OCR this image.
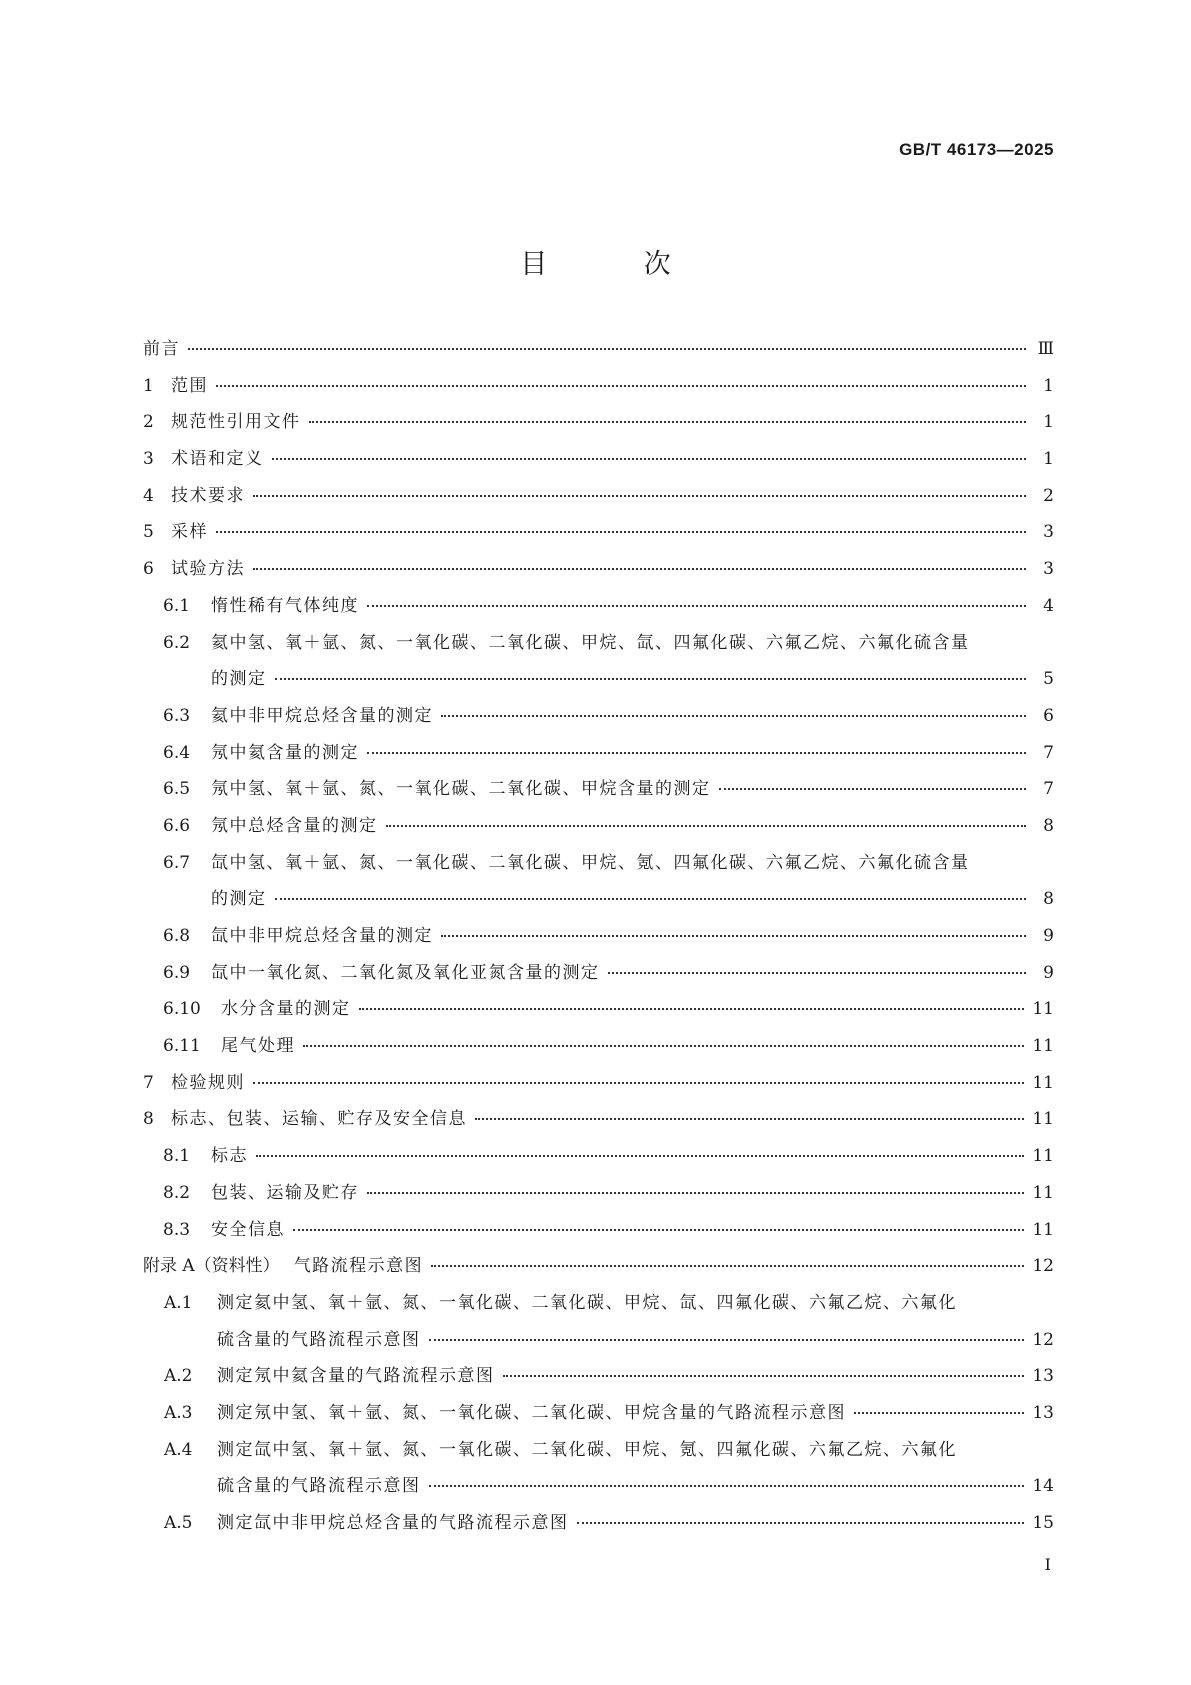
GB/T 46173—2025
目 次
前言	Ⅲ
1	范围	1
2	规范性引用文件	1
3	术语和定义	1
4	技术要求	2
5	采样	3
6	试验方法	3
6.1	惰性稀有气体纯度	4
6.2	氦中氢、氧＋氩、氮、一氧化碳、二氧化碳、甲烷、氙、四氟化碳、六氟乙烷、六氟化硫含量
的测定	5
6.3	氦中非甲烷总烃含量的测定	6
6.4	氖中氦含量的测定	7
6.5	氖中氢、氧＋氩、氮、一氧化碳、二氧化碳、甲烷含量的测定	7
6.6	氖中总烃含量的测定	8
6.7	氙中氢、氧＋氩、氮、一氧化碳、二氧化碳、甲烷、氪、四氟化碳、六氟乙烷、六氟化硫含量
的测定	8
6.8	氙中非甲烷总烃含量的测定	9
6.9	氙中一氧化氮、二氧化氮及氧化亚氮含量的测定	9
6.10	水分含量的测定	11
6.11	尾气处理	11
7	检验规则	11
8	标志、包装、运输、贮存及安全信息	11
8.1	标志	11
8.2	包装、运输及贮存	11
8.3	安全信息	11
附录 A（资料性） 气路流程示意图	12
A.1	测定氦中氢、氧＋氩、氮、一氧化碳、二氧化碳、甲烷、氙、四氟化碳、六氟乙烷、六氟化
硫含量的气路流程示意图	12
A.2	测定氖中氦含量的气路流程示意图	13
A.3	测定氖中氢、氧＋氩、氮、一氧化碳、二氧化碳、甲烷含量的气路流程示意图	13
A.4	测定氙中氢、氧＋氩、氮、一氧化碳、二氧化碳、甲烷、氪、四氟化碳、六氟乙烷、六氟化
硫含量的气路流程示意图	14
A.5	测定氙中非甲烷总烃含量的气路流程示意图	15
I
